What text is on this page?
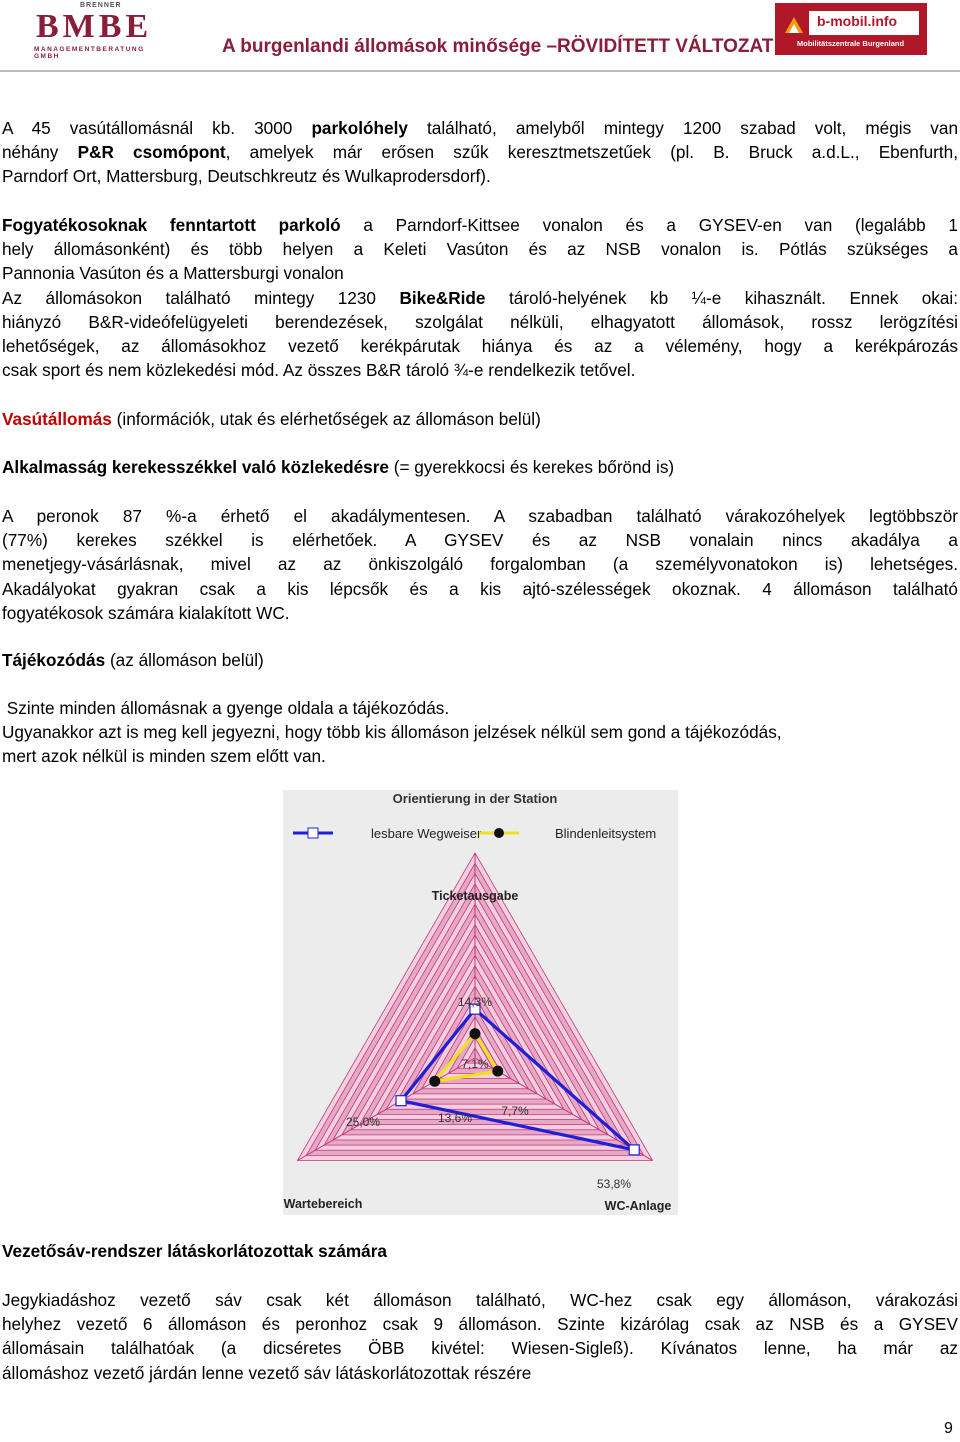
BRENNER
BMBE
MANAGEMENTBERATUNG GMBH	A burgenlandi állomások minősége –RÖVIDÍTETT VÁLTOZAT
b-mobil.info
Mobilitätszentrale Burgenland
A 45 vasútállomásnál kb. 3000 parkolóhely található, amelyből mintegy 1200 szabad volt, mégis van
néhány P&R csomópont, amelyek már erősen szűk keresztmetszetűek (pl. B. Bruck a.d.L., Ebenfurth,
Parndorf Ort, Mattersburg, Deutschkreutz és Wulkaprodersdorf).
Fogyatékosoknak fenntartott parkoló a Parndorf-Kittsee vonalon és a GYSEV-en van (legalább 1
hely állomásonként) és több helyen a Keleti Vasúton és az NSB vonalon is. Pótlás szükséges a
Pannonia Vasúton és a Mattersburgi vonalon
Az állomásokon található mintegy 1230 Bike&Ride tároló-helyének kb ¼-e kihasznált. Ennek okai:
hiányzó B&R-videófelügyeleti berendezések, szolgálat nélküli, elhagyatott állomások, rossz lerögzítési
lehetőségek, az állomásokhoz vezető kerékpárutak hiánya és az a vélemény, hogy a kerékpározás
csak sport és nem közlekedési mód. Az összes B&R tároló ¾-e rendelkezik tetővel.
Vasútállomás (információk, utak és elérhetőségek az állomáson belül)
Alkalmasság kerekesszékkel való közlekedésre (= gyerekkocsi és kerekes bőrönd is)
A peronok 87 %-a érhető el akadálymentesen. A szabadban található várakozóhelyek legtöbbször
(77%) kerekes székkel is elérhetőek. A GYSEV és az NSB vonalain nincs akadálya a
menetjegy-vásárlásnak, mivel az az önkiszolgáló forgalomban (a személyvonatokon is) lehetséges.
Akadályokat gyakran csak a kis lépcsők és a kis ajtó-szélességek okoznak. 4 állomáson található
fogyatékosok számára kialakított WC.
Tájékozódás (az állomáson belül)
Szinte minden állomásnak a gyenge oldala a tájékozódás.
Ugyanakkor azt is meg kell jegyezni, hogy több kis állomáson jelzések nélkül sem gond a tájékozódás,
mert azok nélkül is minden szem előtt van.
Orientierung in der Station
lesbare Wegweiser	Blindenleitsystem
Ticketausgabe
WC-Anlage
Wartebereich
14,3%
53,8%
25,0%
7,1%
7,7%
13,6%
Vezetősáv-rendszer látáskorlátozottak számára
Jegykiadáshoz vezető sáv csak két állomáson található, WC-hez csak egy állomáson, várakozási
helyhez vezető 6 állomáson és peronhoz csak 9 állomáson. Szinte kizárólag csak az NSB és a GYSEV
állomásain találhatóak (a dicséretes ÖBB kivétel: Wiesen-Sigleß). Kívánatos lenne, ha már az
állomáshoz vezető járdán lenne vezető sáv látáskorlátozottak részére
9
